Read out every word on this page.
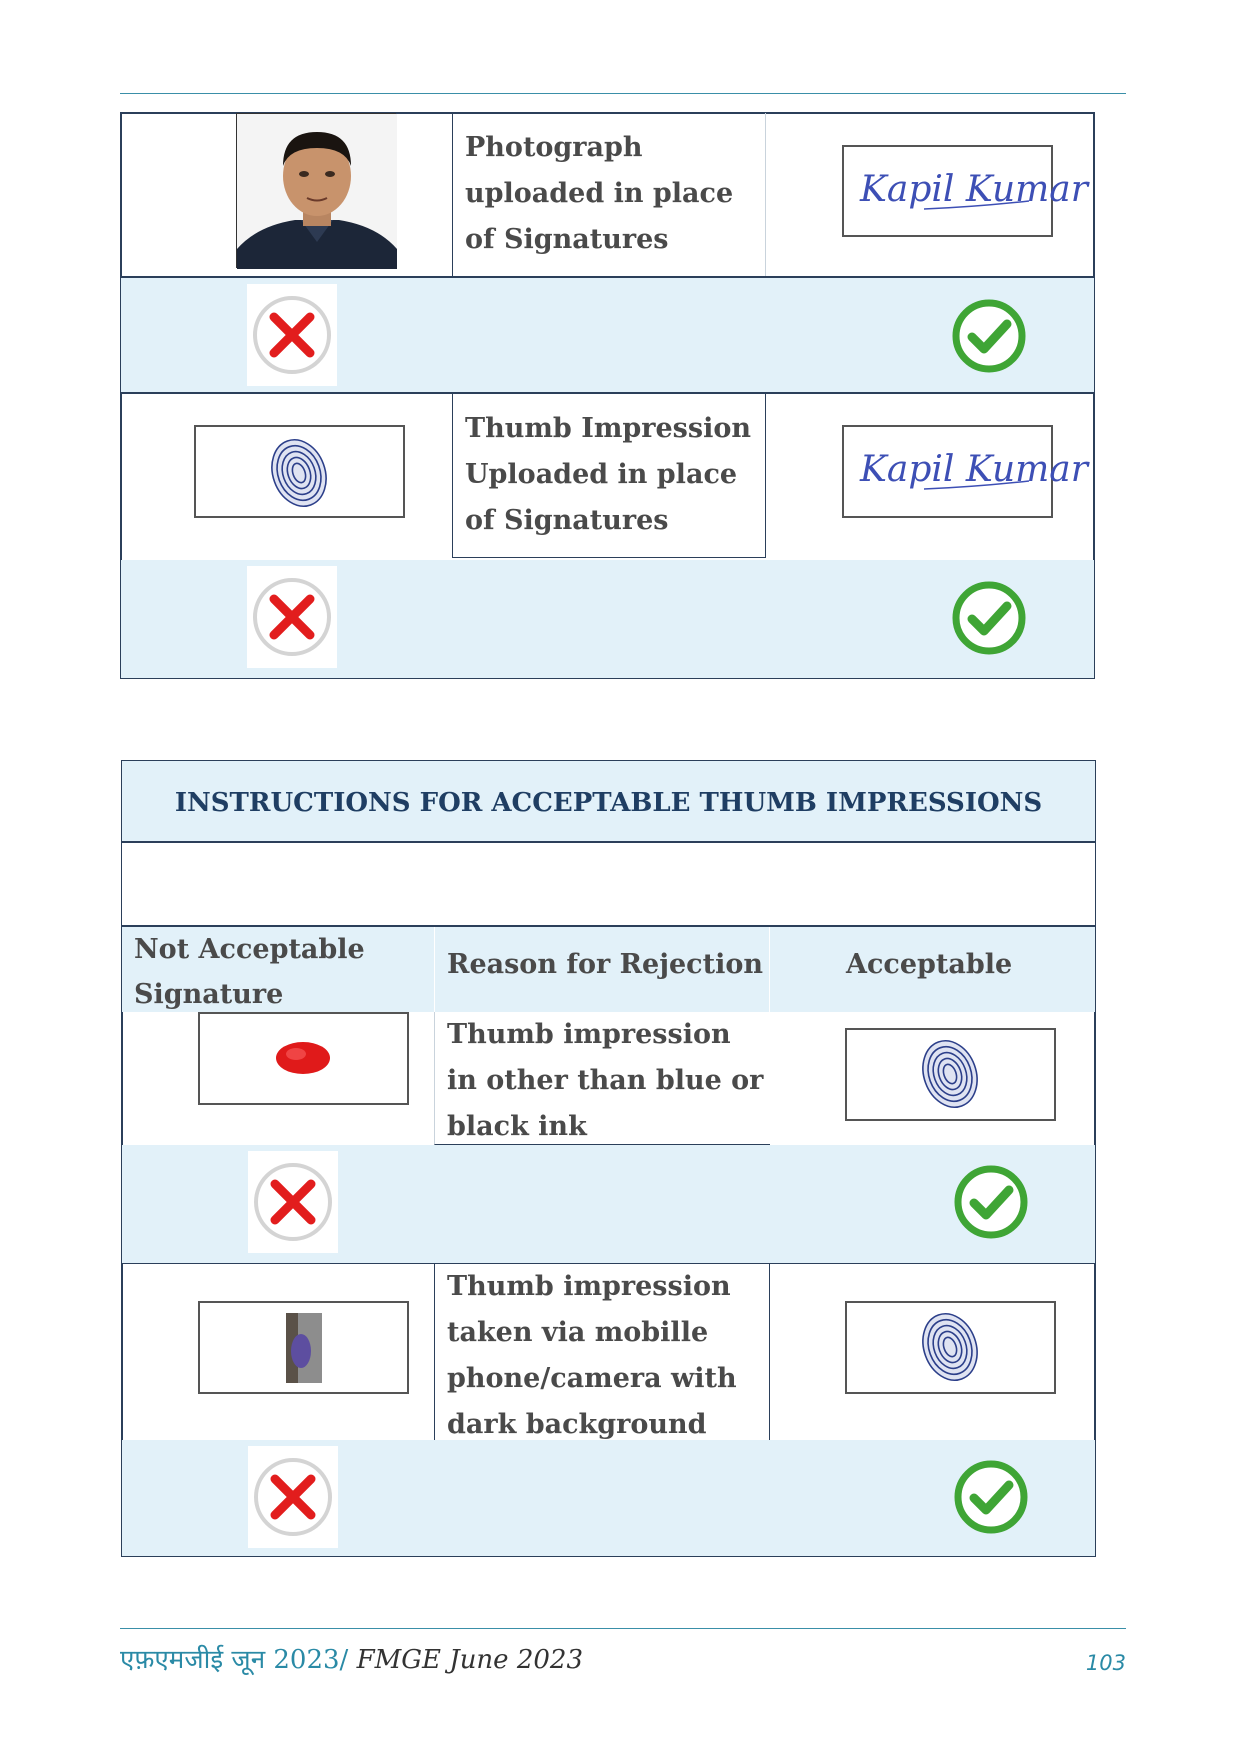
Photograph
uploaded in place
of Signatures
Kapil Kumar
Thumb Impression
Uploaded in place
of Signatures
Kapil Kumar
INSTRUCTIONS FOR ACCEPTABLE THUMB IMPRESSIONS
Not Acceptable
Signature
Reason for Rejection	Acceptable
Thumb impression
in other than blue or
black ink
Thumb impression
taken via mobille
phone/camera with
dark background
एफ़एमजीई जून 2023/ FMGE June 2023	103
